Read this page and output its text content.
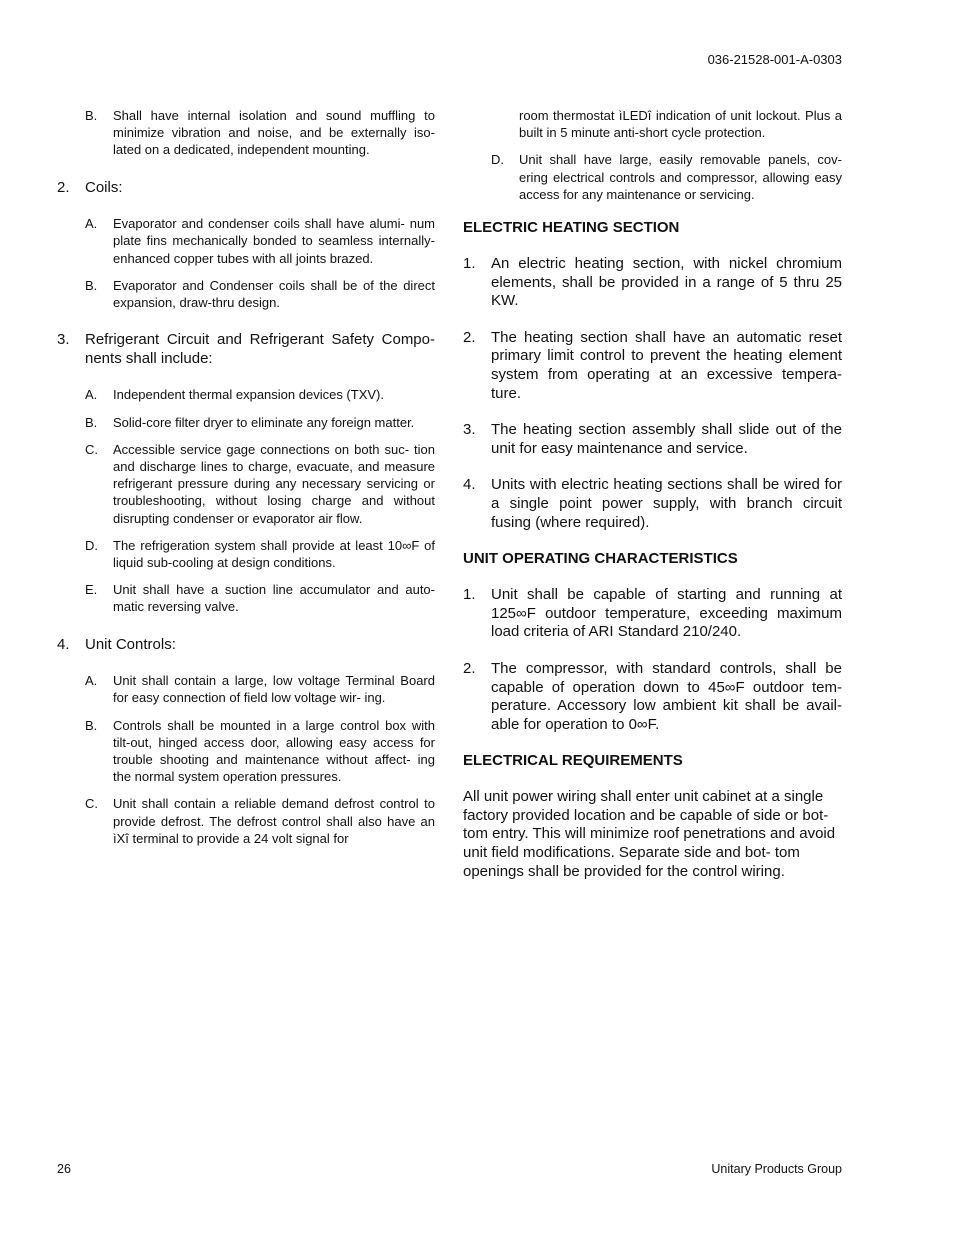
036-21528-001-A-0303
B. Shall have internal isolation and sound muffling to minimize vibration and noise, and be externally iso- lated on a dedicated, independent mounting.
2. Coils:
A. Evaporator and condenser coils shall have alumi- num plate fins mechanically bonded to seamless internally-enhanced copper tubes with all joints brazed.
B. Evaporator and Condenser coils shall be of the direct expansion, draw-thru design.
3. Refrigerant Circuit and Refrigerant Safety Compo- nents shall include:
A. Independent thermal expansion devices (TXV).
B. Solid-core filter dryer to eliminate any foreign matter.
C. Accessible service gage connections on both suc- tion and discharge lines to charge, evacuate, and measure refrigerant pressure during any necessary servicing or troubleshooting, without losing charge and without disrupting condenser or evaporator air flow.
D. The refrigeration system shall provide at least 10∞F of liquid sub-cooling at design conditions.
E. Unit shall have a suction line accumulator and auto- matic reversing valve.
4. Unit Controls:
A. Unit shall contain a large, low voltage Terminal Board for easy connection of field low voltage wir- ing.
B. Controls shall be mounted in a large control box with tilt-out, hinged access door, allowing easy access for trouble shooting and maintenance without affect- ing the normal system operation pressures.
C. Unit shall contain a reliable demand defrost control to provide defrost. The defrost control shall also have an ìXî terminal to provide a 24 volt signal for
room thermostat ìLEDî indication of unit lockout. Plus a built in 5 minute anti-short cycle protection.
D. Unit shall have large, easily removable panels, cov- ering electrical controls and compressor, allowing easy access for any maintenance or servicing.
ELECTRIC HEATING SECTION
1. An electric heating section, with nickel chromium elements, shall be provided in a range of 5 thru 25 KW.
2. The heating section shall have an automatic reset primary limit control to prevent the heating element system from operating at an excessive tempera- ture.
3. The heating section assembly shall slide out of the unit for easy maintenance and service.
4. Units with electric heating sections shall be wired for a single point power supply, with branch circuit fusing (where required).
UNIT OPERATING CHARACTERISTICS
1. Unit shall be capable of starting and running at 125∞F outdoor temperature, exceeding maximum load criteria of ARI Standard 210/240.
2. The compressor, with standard controls, shall be capable of operation down to 45∞F outdoor tem- perature. Accessory low ambient kit shall be avail- able for operation to 0∞F.
ELECTRICAL REQUIREMENTS

All unit power wiring shall enter unit cabinet at a single factory provided location and be capable of side or bot- tom entry. This will minimize roof penetrations and avoid unit field modifications. Separate side and bot- tom openings shall be provided for the control wiring.

26	Unitary Products Group
